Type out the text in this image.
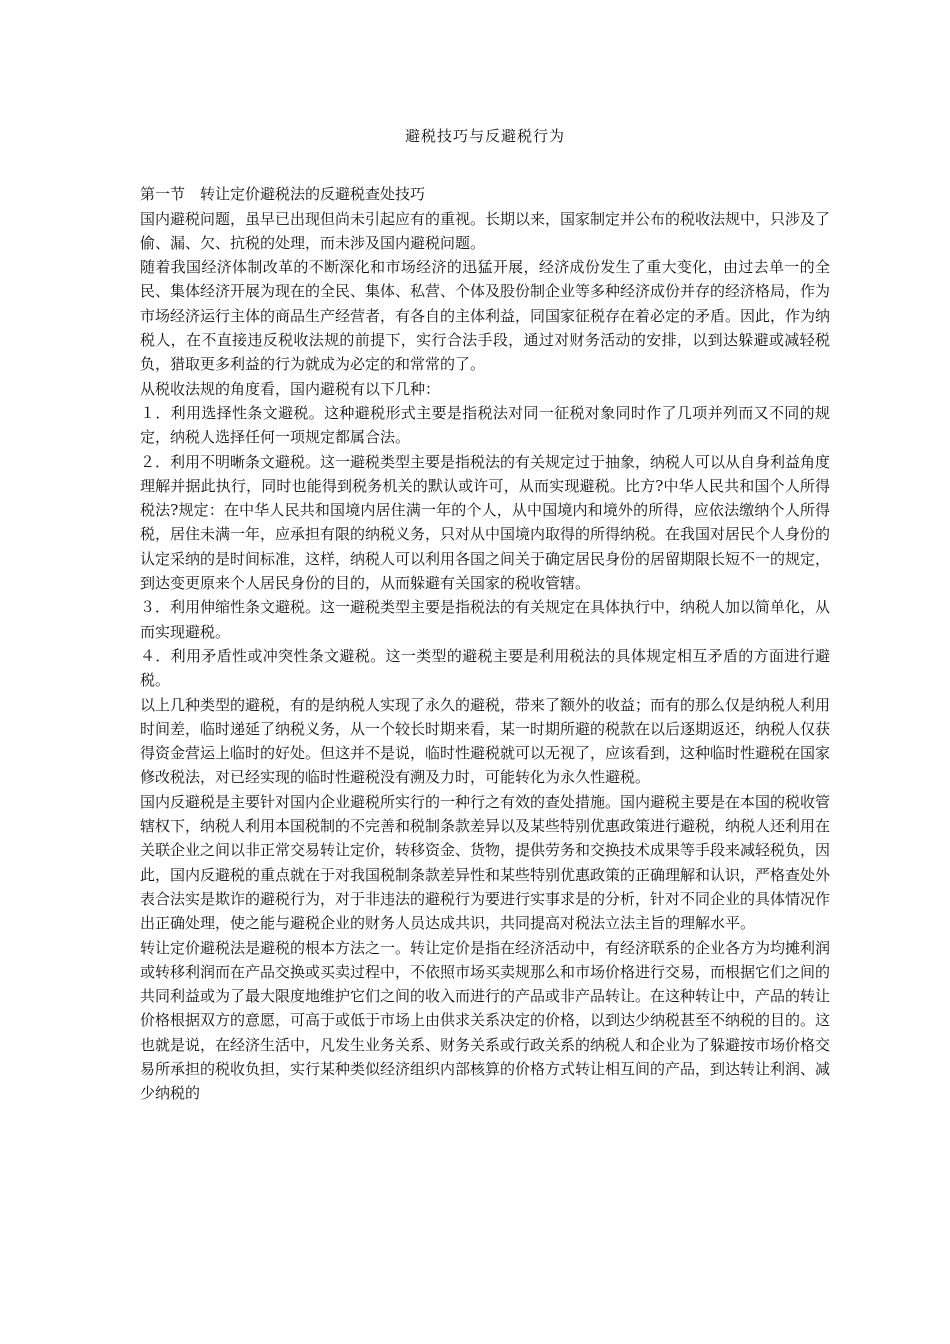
避税技巧与反避税行为
第一节　转让定价避税法的反避税查处技巧

国内避税问题，虽早已出现但尚未引起应有的重视。长期以来，国家制定并公布的税收法规中，只涉及了偷、漏、欠、抗税的处理，而未涉及国内避税问题。

随着我国经济体制改革的不断深化和市场经济的迅猛开展，经济成份发生了重大变化，由过去单一的全民、集体经济开展为现在的全民、集体、私营、个体及股份制企业等多种经济成份并存的经济格局，作为市场经济运行主体的商品生产经营者，有各自的主体利益，同国家征税存在着必定的矛盾。因此，作为纳税人，在不直接违反税收法规的前提下，实行合法手段，通过对财务活动的安排，以到达躲避或减轻税负，猎取更多利益的行为就成为必定的和常常的了。

从税收法规的角度看，国内避税有以下几种：

１．利用选择性条文避税。这种避税形式主要是指税法对同一征税对象同时作了几项并列而又不同的规定，纳税人选择任何一项规定都属合法。

２．利用不明晰条文避税。这一避税类型主要是指税法的有关规定过于抽象，纳税人可以从自身利益角度理解并据此执行，同时也能得到税务机关的默认或许可，从而实现避税。比方?中华人民共和国个人所得税法?规定：在中华人民共和国境内居住满一年的个人，从中国境内和境外的所得，应依法缴纳个人所得税，居住未满一年，应承担有限的纳税义务，只对从中国境内取得的所得纳税。在我国对居民个人身份的认定采纳的是时间标准，这样，纳税人可以利用各国之间关于确定居民身份的居留期限长短不一的规定，到达变更原来个人居民身份的目的，从而躲避有关国家的税收管辖。

３．利用伸缩性条文避税。这一避税类型主要是指税法的有关规定在具体执行中，纳税人加以简单化，从而实现避税。

４．利用矛盾性或冲突性条文避税。这一类型的避税主要是利用税法的具体规定相互矛盾的方面进行避税。

以上几种类型的避税，有的是纳税人实现了永久的避税，带来了额外的收益；而有的那么仅是纳税人利用时间差，临时递延了纳税义务，从一个较长时期来看，某一时期所避的税款在以后逐期返还，纳税人仅获得资金营运上临时的好处。但这并不是说，临时性避税就可以无视了，应该看到，这种临时性避税在国家修改税法，对已经实现的临时性避税没有溯及力时，可能转化为永久性避税。

国内反避税是主要针对国内企业避税所实行的一种行之有效的查处措施。国内避税主要是在本国的税收管辖权下，纳税人利用本国税制的不完善和税制条款差异以及某些特别优惠政策进行避税，纳税人还利用在关联企业之间以非正常交易转让定价，转移资金、货物，提供劳务和交换技术成果等手段来减轻税负，因此，国内反避税的重点就在于对我国税制条款差异性和某些特别优惠政策的正确理解和认识，严格查处外表合法实是欺诈的避税行为，对于非违法的避税行为要进行实事求是的分析，针对不同企业的具体情况作出正确处理，使之能与避税企业的财务人员达成共识，共同提高对税法立法主旨的理解水平。

转让定价避税法是避税的根本方法之一。转让定价是指在经济活动中，有经济联系的企业各方为均摊利润或转移利润而在产品交换或买卖过程中，不依照市场买卖规那么和市场价格进行交易，而根据它们之间的共同利益或为了最大限度地维护它们之间的收入而进行的产品或非产品转让。在这种转让中，产品的转让价格根据双方的意愿，可高于或低于市场上由供求关系决定的价格，以到达少纳税甚至不纳税的目的。这也就是说，在经济生活中，凡发生业务关系、财务关系或行政关系的纳税人和企业为了躲避按市场价格交易所承担的税收负担，实行某种类似经济组织内部核算的价格方式转让相互间的产品，到达转让利润、减少纳税的
